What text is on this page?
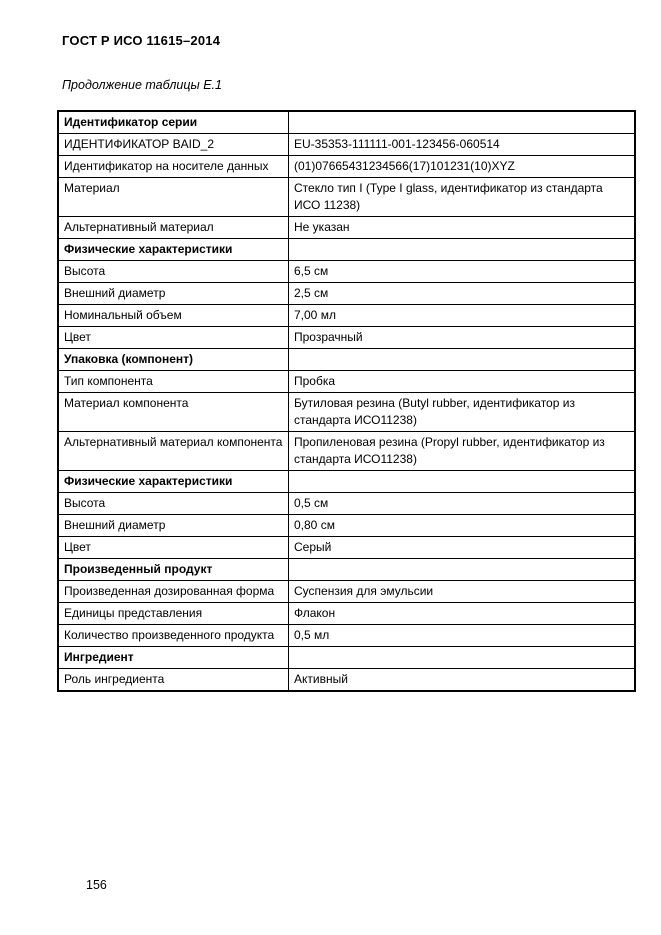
ГОСТ Р ИСО 11615–2014
Продолжение таблицы E.1
Идентификатор серии	
ИДЕНТИФИКАТОР BAID_2	EU-35353-111111-001-123456-060514
Идентификатор на носителе данных	(01)07665431234566(17)101231(10)XYZ
Материал	Стекло тип I (Type I glass, идентификатор из стандарта ИСО 11238)
Альтернативный материал	Не указан
Физические характеристики	
Высота	6,5 см
Внешний диаметр	2,5 см
Номинальный объем	7,00 мл
Цвет	Прозрачный
Упаковка (компонент)	
Тип компонента	Пробка
Материал компонента	Бутиловая резина (Butyl rubber, идентификатор из стандарта ИСО11238)
Альтернативный материал компонента	Пропиленовая резина (Propyl rubber, идентификатор из стандарта ИСО11238)
Физические характеристики	
Высота	0,5 см
Внешний диаметр	0,80 см
Цвет	Серый
Произведенный продукт	
Произведенная дозированная форма	Суспензия для эмульсии
Единицы представления	Флакон
Количество произведенного продукта	0,5 мл
Ингредиент	
Роль ингредиента	Активный
156
